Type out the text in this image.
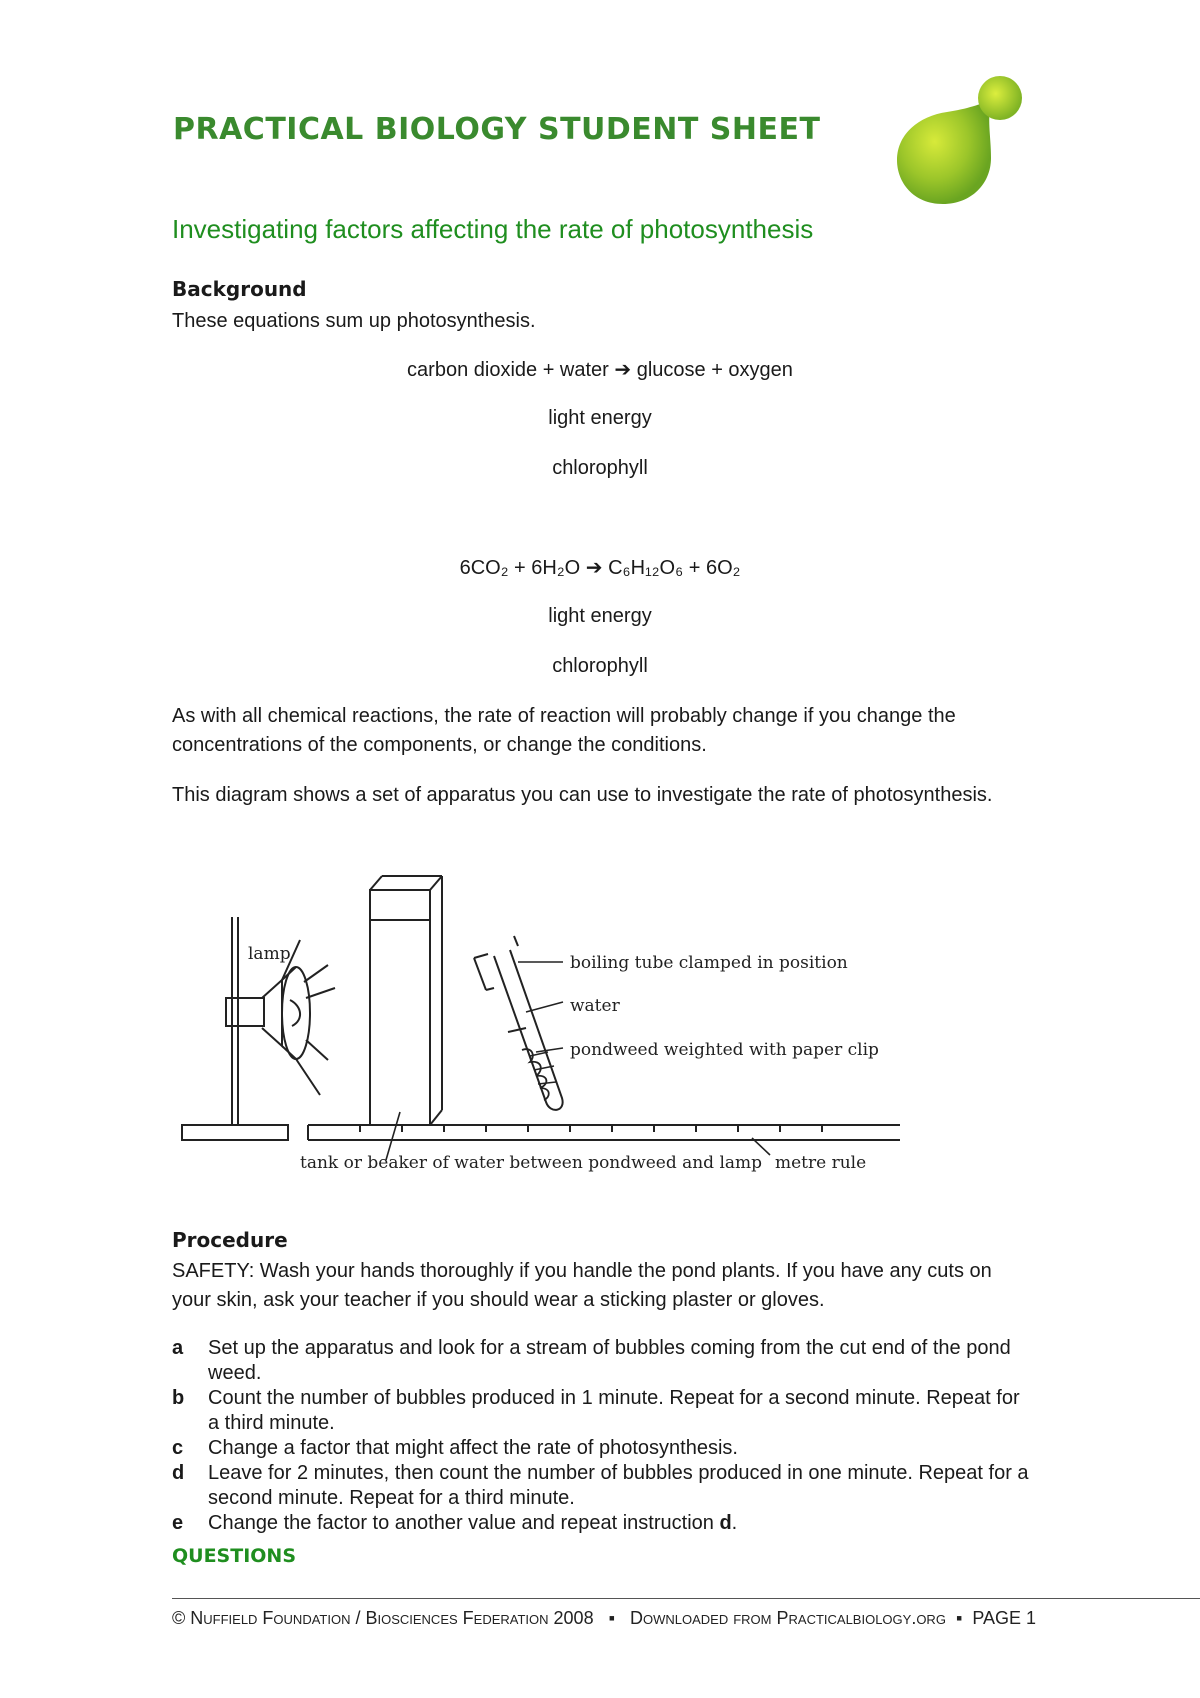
PRACTICAL BIOLOGY STUDENT SHEET
Investigating factors affecting the rate of photosynthesis
Background
These equations sum up photosynthesis.
carbon dioxide + water ➔ glucose + oxygen
light energy
chlorophyll
6CO₂ + 6H₂O ➔ C₆H₁₂O₆ + 6O₂
light energy
chlorophyll
As with all chemical reactions, the rate of reaction will probably change if you change the concentrations of the components, or change the conditions.
This diagram shows a set of apparatus you can use to investigate the rate of photosynthesis.
lamp	boiling tube clamped in position
water
pondweed weighted with paper clip
tank or beaker of water between pondweed and lamp metre rule
Procedure
SAFETY: Wash your hands thoroughly if you handle the pond plants. If you have any cuts on your skin, ask your teacher if you should wear a sticking plaster or gloves.
a Set up the apparatus and look for a stream of bubbles coming from the cut end of the pond weed.
b Count the number of bubbles produced in 1 minute. Repeat for a second minute. Repeat for a third minute.
c Change a factor that might affect the rate of photosynthesis.
d Leave for 2 minutes, then count the number of bubbles produced in one minute. Repeat for a second minute. Repeat for a third minute.
e Change the factor to another value and repeat instruction d.
QUESTIONS
© Nuffield Foundation / Biosciences Federation 2008 ▪ Downloaded from Practicalbiology.org ▪ PAGE 1
